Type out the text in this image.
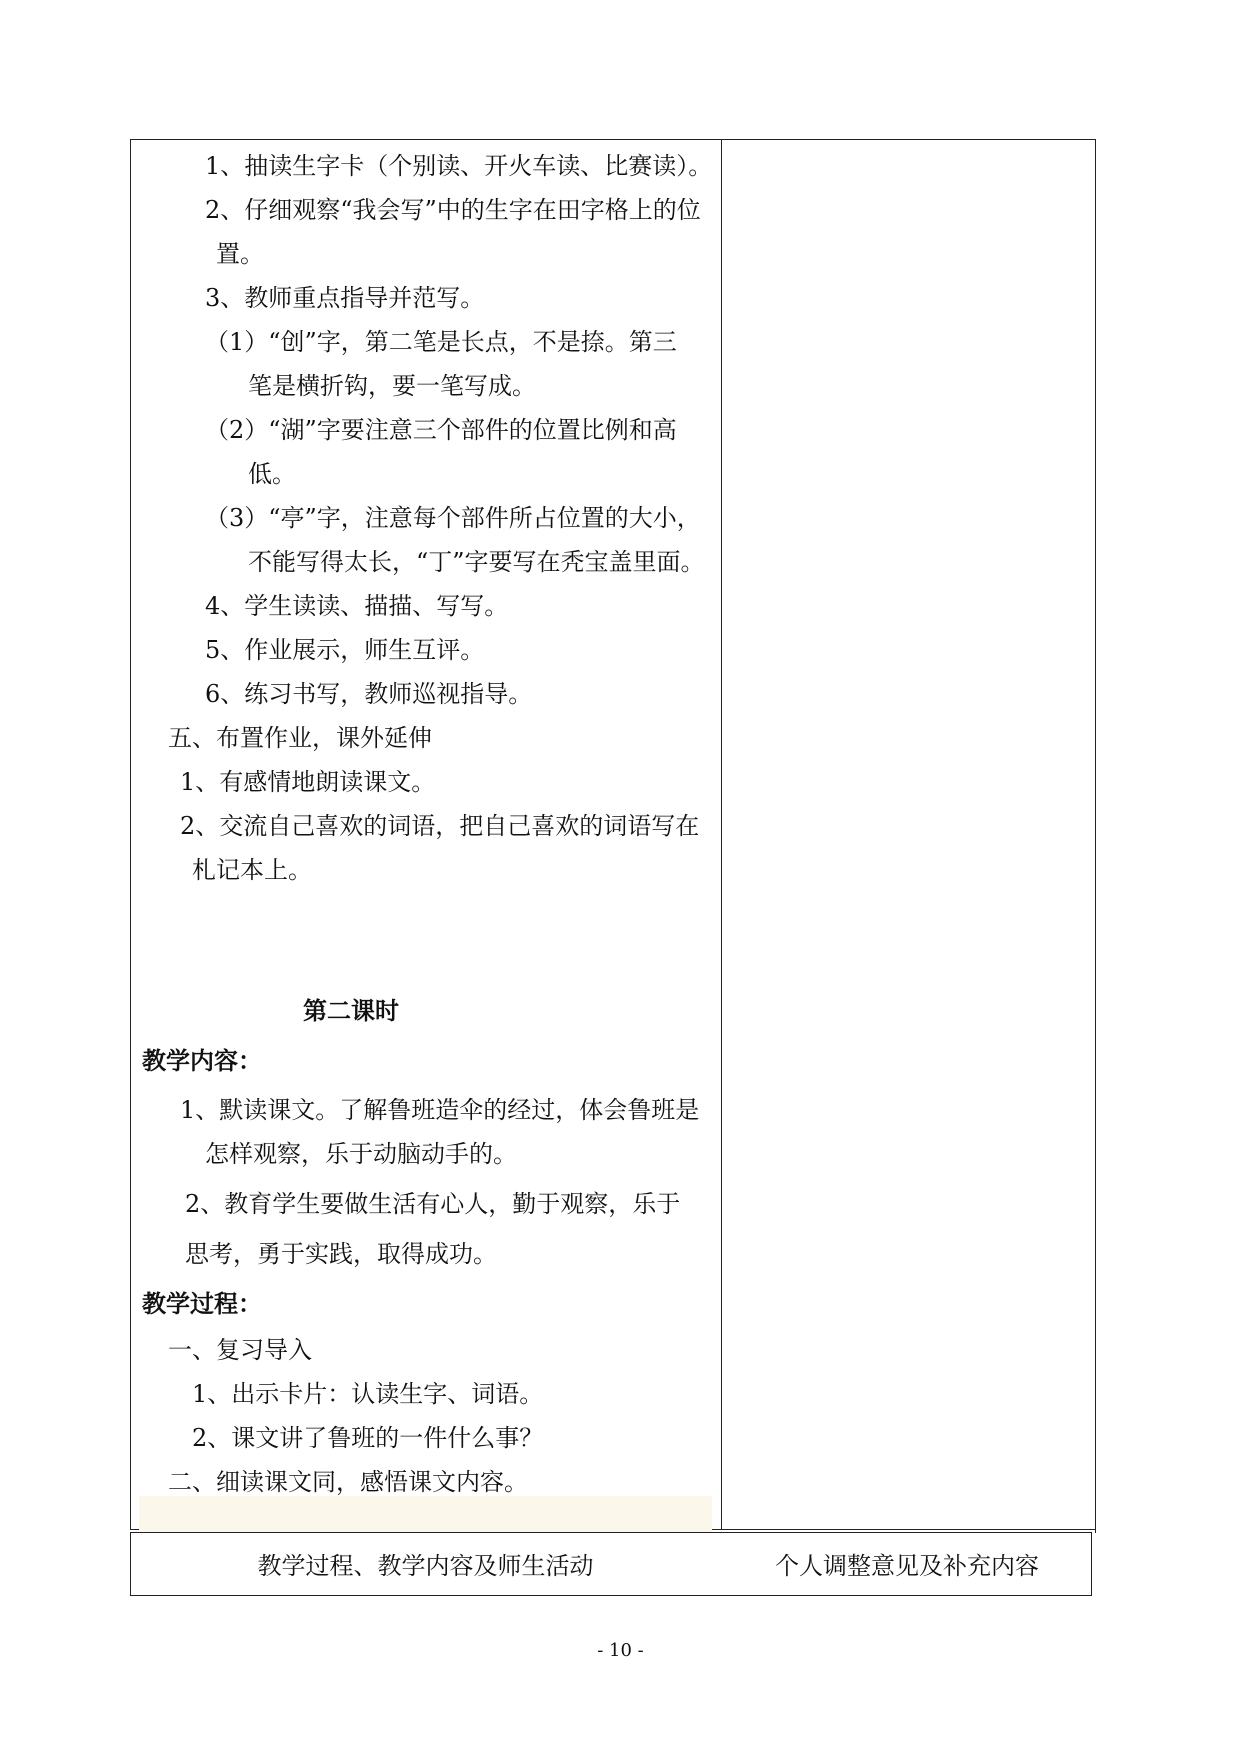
1、抽读生字卡（个别读、开火车读、比赛读）。
2、仔细观察“我会写”中的生字在田字格上的位
置。
3、教师重点指导并范写。
（1）“创”字，第二笔是长点，不是捺。第三
笔是横折钩，要一笔写成。
（2）“湖”字要注意三个部件的位置比例和高
低。
（3）“亭”字，注意每个部件所占位置的大小，
不能写得太长，“丁”字要写在秃宝盖里面。
4、学生读读、描描、写写。
5、作业展示，师生互评。
6、练习书写，教师巡视指导。
五、布置作业，课外延伸
1、有感情地朗读课文。
2、交流自己喜欢的词语，把自己喜欢的词语写在
札记本上。
第二课时
教学内容：
1、默读课文。了解鲁班造伞的经过，体会鲁班是
怎样观察，乐于动脑动手的。
2、教育学生要做生活有心人，勤于观察，乐于
思考，勇于实践，取得成功。
教学过程：
一、复习导入
1、出示卡片：认读生字、词语。
2、课文讲了鲁班的一件什么事？
二、细读课文同，感悟课文内容。
教学过程、教学内容及师生活动	个人调整意见及补充内容
- 10 -
